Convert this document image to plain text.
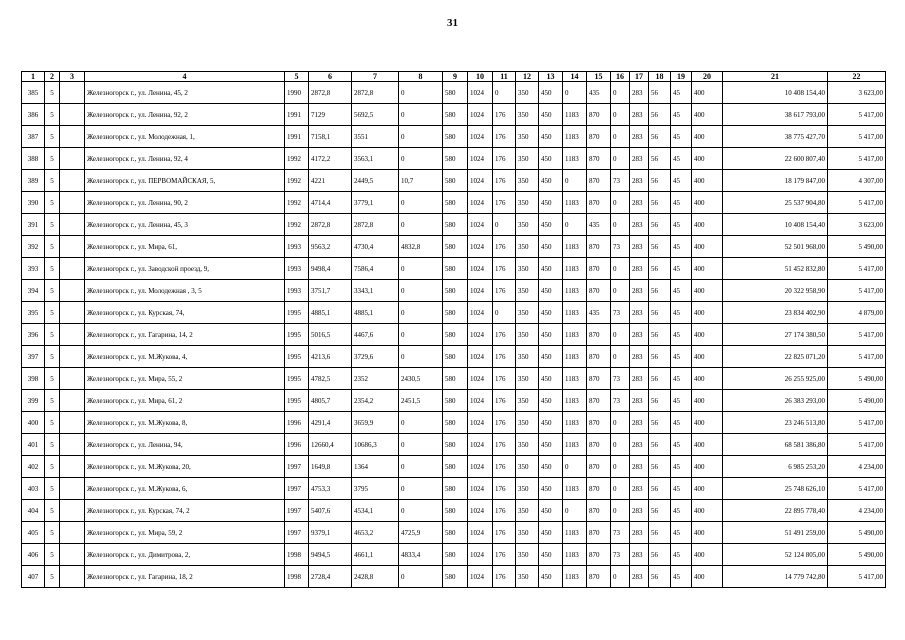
31
1	2	3	4	5	6	7	8	9	10	11	12	13	14	15	16	17	18	19	20	21	22
385	5		Железногорск г., ул. Ленина, 45, 2	1990	2872,8	2872,8	0	580	1024	0	350	450	0	435	0	283	56	45	400	10 408 154,40	3 623,00
386	5		Железногорск г., ул. Ленина, 92, 2	1991	7129	5692,5	0	580	1024	176	350	450	1183	870	0	283	56	45	400	38 617 793,00	5 417,00
387	5		Железногорск г., ул. Молодежная, 1,	1991	7158,1	3551	0	580	1024	176	350	450	1183	870	0	283	56	45	400	38 775 427,70	5 417,00
388	5		Железногорск г., ул. Ленина, 92, 4	1992	4172,2	3563,1	0	580	1024	176	350	450	1183	870	0	283	56	45	400	22 600 807,40	5 417,00
389	5		Железногорск г., ул. ПЕРВОМАЙСКАЯ, 5,	1992	4221	2449,5	10,7	580	1024	176	350	450	0	870	73	283	56	45	400	18 179 847,00	4 307,00
390	5		Железногорск г., ул. Ленина, 90, 2	1992	4714,4	3779,1	0	580	1024	176	350	450	1183	870	0	283	56	45	400	25 537 904,80	5 417,00
391	5		Железногорск г., ул. Ленина, 45, 3	1992	2872,8	2872,8	0	580	1024	0	350	450	0	435	0	283	56	45	400	10 408 154,40	3 623,00
392	5		Железногорск г., ул. Мира, 61,	1993	9563,2	4730,4	4832,8	580	1024	176	350	450	1183	870	73	283	56	45	400	52 501 968,00	5 490,00
393	5		Железногорск г., ул. Заводской проезд, 9,	1993	9498,4	7586,4	0	580	1024	176	350	450	1183	870	0	283	56	45	400	51 452 832,80	5 417,00
394	5		Железногорск г., ул. Молодежная , 3, 5	1993	3751,7	3343,1	0	580	1024	176	350	450	1183	870	0	283	56	45	400	20 322 958,90	5 417,00
395	5		Железногорск г., ул. Курская, 74,	1995	4885,1	4885,1	0	580	1024	0	350	450	1183	435	73	283	56	45	400	23 834 402,90	4 879,00
396	5		Железногорск г., ул. Гагарина, 14, 2	1995	5016,5	4467,6	0	580	1024	176	350	450	1183	870	0	283	56	45	400	27 174 380,50	5 417,00
397	5		Железногорск г., ул. М.Жукова, 4,	1995	4213,6	3729,6	0	580	1024	176	350	450	1183	870	0	283	56	45	400	22 825 071,20	5 417,00
398	5		Железногорск г., ул. Мира, 55, 2	1995	4782,5	2352	2430,5	580	1024	176	350	450	1183	870	73	283	56	45	400	26 255 925,00	5 490,00
399	5		Железногорск г., ул. Мира, 61, 2	1995	4805,7	2354,2	2451,5	580	1024	176	350	450	1183	870	73	283	56	45	400	26 383 293,00	5 490,00
400	5		Железногорск г., ул. М.Жукова, 8,	1996	4291,4	3659,9	0	580	1024	176	350	450	1183	870	0	283	56	45	400	23 246 513,80	5 417,00
401	5		Железногорск г., ул. Ленина, 94,	1996	12660,4	10686,3	0	580	1024	176	350	450	1183	870	0	283	56	45	400	68 581 386,80	5 417,00
402	5		Железногорск г., ул. М.Жукова, 20,	1997	1649,8	1364	0	580	1024	176	350	450	0	870	0	283	56	45	400	6 985 253,20	4 234,00
403	5		Железногорск г., ул. М.Жукова, 6,	1997	4753,3	3795	0	580	1024	176	350	450	1183	870	0	283	56	45	400	25 748 626,10	5 417,00
404	5		Железногорск г., ул. Курская, 74, 2	1997	5407,6	4534,1	0	580	1024	176	350	450	0	870	0	283	56	45	400	22 895 778,40	4 234,00
405	5		Железногорск г., ул. Мира, 59, 2	1997	9379,1	4653,2	4725,9	580	1024	176	350	450	1183	870	73	283	56	45	400	51 491 259,00	5 490,00
406	5		Железногорск г., ул. Димитрова, 2,	1998	9494,5	4661,1	4833,4	580	1024	176	350	450	1183	870	73	283	56	45	400	52 124 805,00	5 490,00
407	5		Железногорск г., ул. Гагарина, 18, 2	1998	2728,4	2428,8	0	580	1024	176	350	450	1183	870	0	283	56	45	400	14 779 742,80	5 417,00
